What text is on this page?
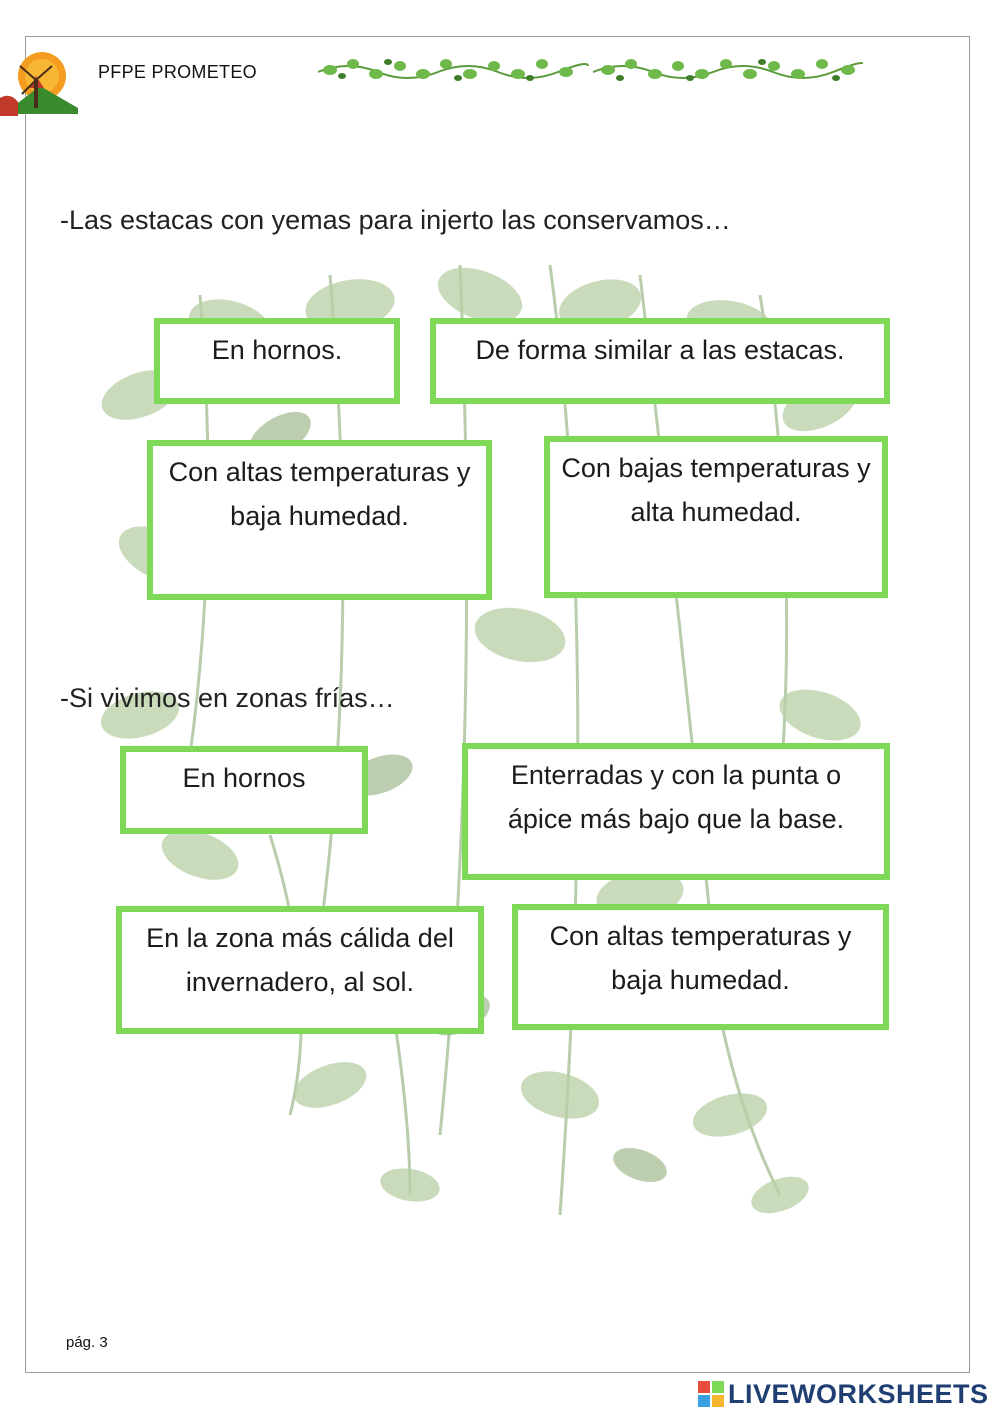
PFPE PROMETEO
-Las estacas con yemas para injerto las conservamos…
En hornos.	De forma similar a las estacas.
Con altas temperaturas y baja humedad.
Con bajas temperaturas y alta humedad.
-Si vivimos en zonas frías…
En hornos	Enterradas y con la punta o ápice más bajo que la base.
En la zona más cálida del invernadero, al sol.
Con altas temperaturas y baja humedad.
pág. 3
LIVEWORKSHEETS
